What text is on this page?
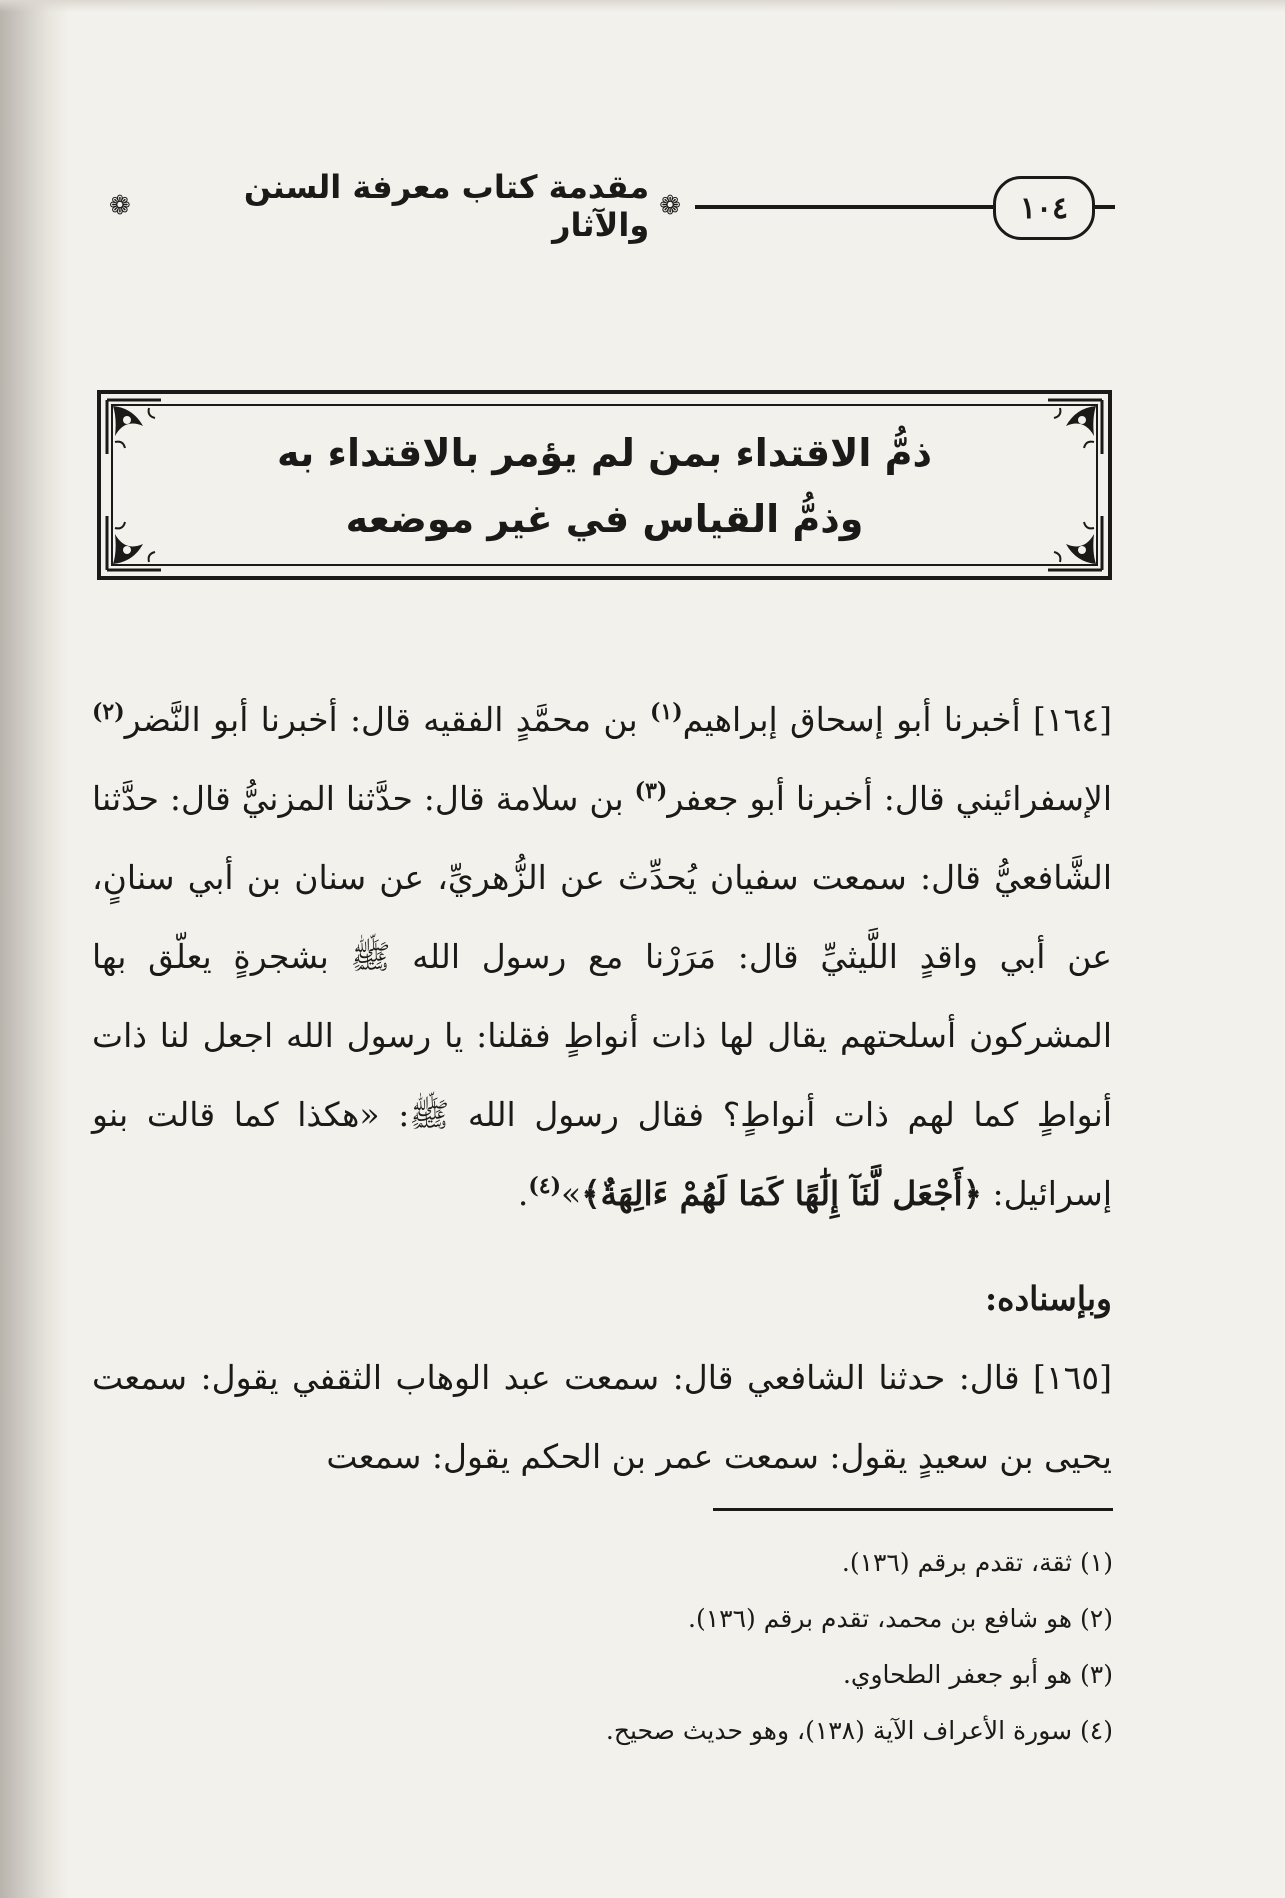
١٠٤
❁
مقدمة كتاب معرفة السنن والآثار
❁
ذمُّ الاقتداء بمن لم يؤمر بالاقتداء به
وذمُّ القياس في غير موضعه

[١٦٤] أخبرنا أبو إسحاق إبراهيم$^{(١)}$ بن محمَّدٍ الفقيه قال: أخبرنا أبو النَّضر$^{(٢)}$ الإسفرائيني قال: أخبرنا أبو جعفر$^{(٣)}$ بن سلامة قال: حدَّثنا المزنيُّ قال: حدَّثنا الشَّافعيُّ قال: سمعت سفيان يُحدِّث عن الزُّهريِّ، عن سنان بن أبي سنانٍ، عن أبي واقدٍ اللَّيثيِّ قال: مَرَرْنا مع رسول الله ﷺ بشجرةٍ يعلّق بها المشركون أسلحتهم يقال لها ذات أنواطٍ فقلنا: يا رسول الله اجعل لنا ذات أنواطٍ كما لهم ذات أنواطٍ؟ فقال رسول الله ﷺ: «هكذا كما قالت بنو إسرائيل: ﴿أَجْعَل لَّنَآ إِلَٰهًا كَمَا لَهُمْ ءَالِهَةٌ﴾»$^{(٤)}$.

وبإسناده:

[١٦٥] قال: حدثنا الشافعي قال: سمعت عبد الوهاب الثقفي يقول: سمعت يحيى بن سعيدٍ يقول: سمعت عمر بن الحكم يقول: سمعت

(١) ثقة، تقدم برقم (١٣٦).
(٢) هو شافع بن محمد، تقدم برقم (١٣٦).
(٣) هو أبو جعفر الطحاوي.
(٤) سورة الأعراف الآية (١٣٨)، وهو حديث صحيح.
